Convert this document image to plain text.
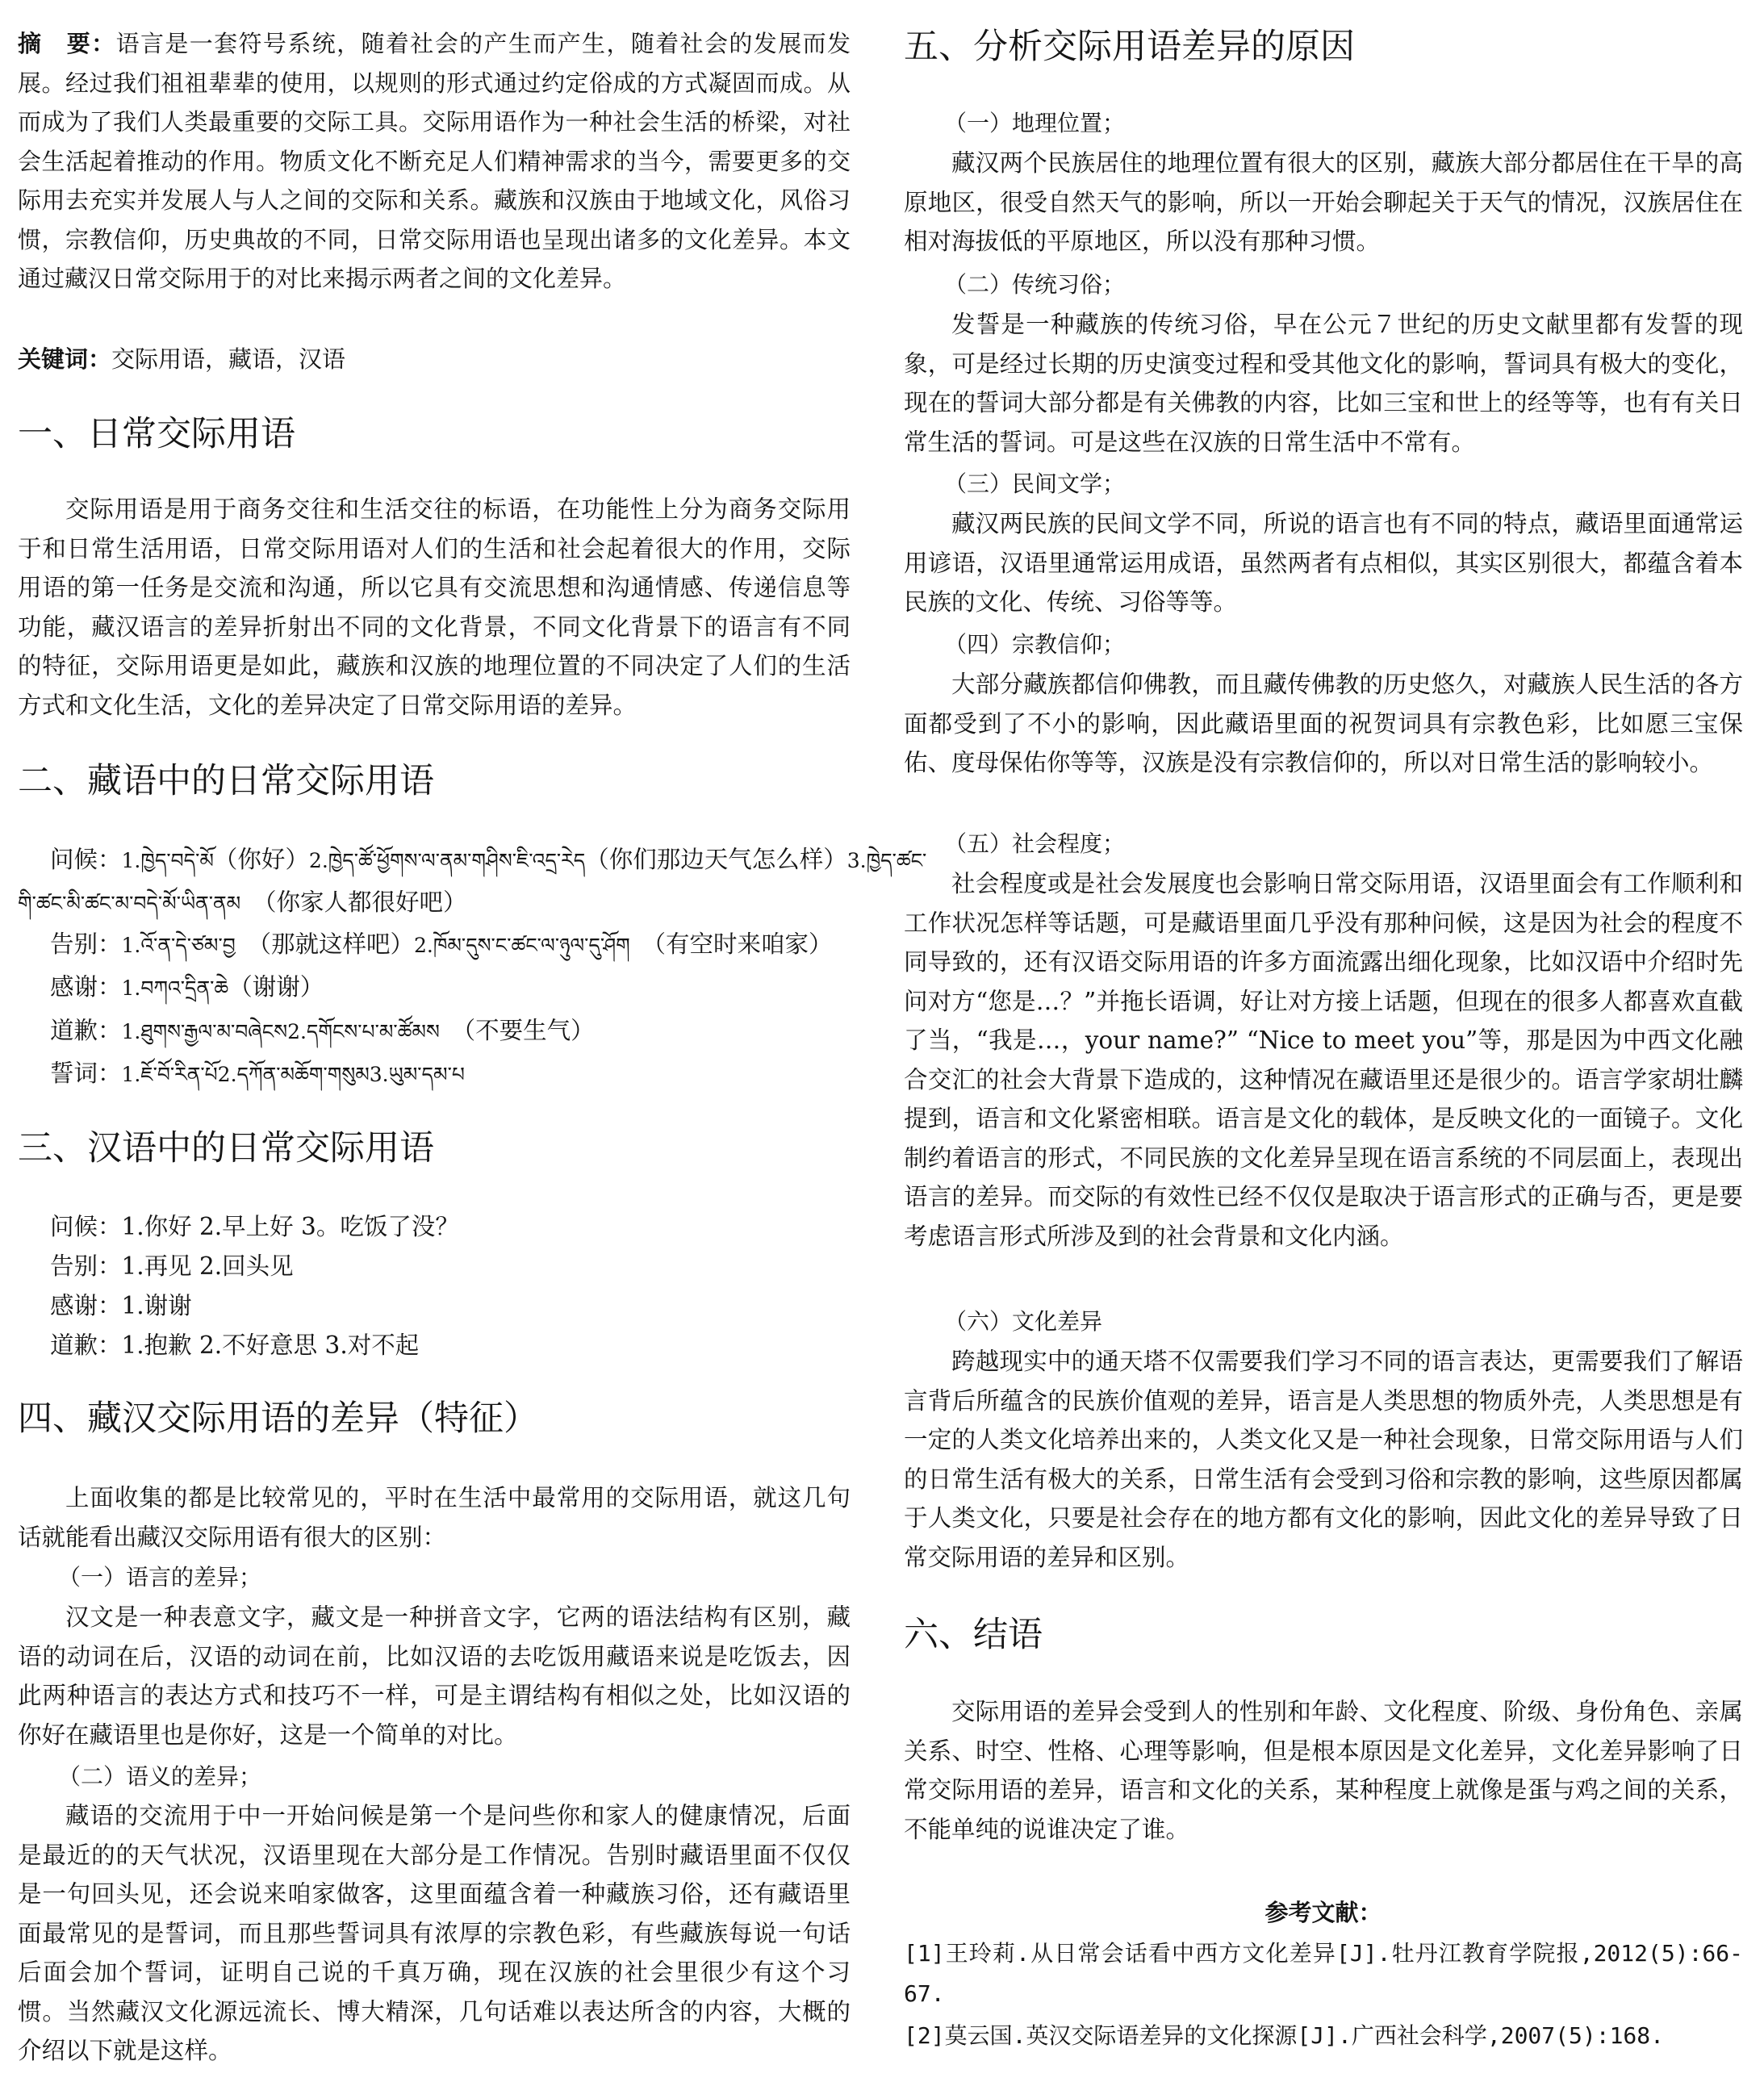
摘　要：语言是一套符号系统，随着社会的产生而产生，随着社会的发展而发展。经过我们祖祖辈辈的使用，以规则的形式通过约定俗成的方式凝固而成。从而成为了我们人类最重要的交际工具。交际用语作为一种社会生活的桥梁，对社会生活起着推动的作用。物质文化不断充足人们精神需求的当今，需要更多的交际用去充实并发展人与人之间的交际和关系。藏族和汉族由于地域文化，风俗习惯，宗教信仰，历史典故的不同，日常交际用语也呈现出诸多的文化差异。本文通过藏汉日常交际用于的对比来揭示两者之间的文化差异。
关键词：交际用语，藏语，汉语
一、日常交际用语

交际用语是用于商务交往和生活交往的标语，在功能性上分为商务交际用于和日常生活用语，日常交际用语对人们的生活和社会起着很大的作用，交际用语的第一任务是交流和沟通，所以它具有交流思想和沟通情感、传递信息等功能，藏汉语言的差异折射出不同的文化背景，不同文化背景下的语言有不同的特征，交际用语更是如此，藏族和汉族的地理位置的不同决定了人们的生活方式和文化生活，文化的差异决定了日常交际用语的差异。

二、藏语中的日常交际用语
问候：1.ཁྱེད་བདེ་མོ（你好）2.ཁྱེད་ཚོ་ཕྱོགས་ལ་ནམ་གཤིས་ཇི་འདྲ་རེད（你们那边天气怎么样）3.ཁྱེད་ཚང་
གི་ཚང་མི་ཚང་མ་བདེ་མོ་ཡིན་ནམ　 （你家人都很好吧）
告别：1.འོ་ན་དེ་ཙམ་བྱ　 （那就这样吧）2.ཁོམ་དུས་ང་ཚང་ལ་ཉུལ་དུ་ཤོག　 （有空时来咱家）
感谢：1.བཀའ་དྲིན་ཆེ（谢谢）
道歉：1.ཐུགས་རྒྱལ་མ་བཞེངས2.དགོངས་པ་མ་ཚོམས　 （不要生气）
誓词：1.ཇོ་བོ་རིན་པོ2.དཀོན་མཆོག་གསུམ3.ཡུམ་དམ་པ
三、汉语中的日常交际用语
问候：1.你好 2.早上好 3。吃饭了没？
告别：1.再见 2.回头见
感谢：1.谢谢
道歉：1.抱歉 2.不好意思 3.对不起
四、藏汉交际用语的差异（特征）

上面收集的都是比较常见的，平时在生活中最常用的交际用语，就这几句话就能看出藏汉交际用语有很大的区别：

（一）语言的差异；

汉文是一种表意文字，藏文是一种拼音文字，它两的语法结构有区别，藏语的动词在后，汉语的动词在前，比如汉语的去吃饭用藏语来说是吃饭去，因此两种语言的表达方式和技巧不一样，可是主谓结构有相似之处，比如汉语的你好在藏语里也是你好，这是一个简单的对比。

（二）语义的差异；

藏语的交流用于中一开始问候是第一个是问些你和家人的健康情况，后面是最近的的天气状况，汉语里现在大部分是工作情况。告别时藏语里面不仅仅是一句回头见，还会说来咱家做客，这里面蕴含着一种藏族习俗，还有藏语里面最常见的是誓词，而且那些誓词具有浓厚的宗教色彩，有些藏族每说一句话后面会加个誓词，证明自己说的千真万确，现在汉族的社会里很少有这个习惯。当然藏汉文化源远流长、博大精深，几句话难以表达所含的内容，大概的介绍以下就是这样。

五、分析交际用语差异的原因
（一）地理位置；

藏汉两个民族居住的地理位置有很大的区别，藏族大部分都居住在干旱的高原地区，很受自然天气的影响，所以一开始会聊起关于天气的情况，汉族居住在相对海拔低的平原地区，所以没有那种习惯。

（二）传统习俗；

发誓是一种藏族的传统习俗，早在公元７世纪的历史文献里都有发誓的现象，可是经过长期的历史演变过程和受其他文化的影响，誓词具有极大的变化，现在的誓词大部分都是有关佛教的内容，比如三宝和世上的经等等，也有有关日常生活的誓词。可是这些在汉族的日常生活中不常有。

（三）民间文学；

藏汉两民族的民间文学不同，所说的语言也有不同的特点，藏语里面通常运用谚语，汉语里通常运用成语，虽然两者有点相似，其实区别很大，都蕴含着本民族的文化、传统、习俗等等。

（四）宗教信仰；

大部分藏族都信仰佛教，而且藏传佛教的历史悠久，对藏族人民生活的各方面都受到了不小的影响，因此藏语里面的祝贺词具有宗教色彩，比如愿三宝保佑、度母保佑你等等，汉族是没有宗教信仰的，所以对日常生活的影响较小。

（五）社会程度；

社会程度或是社会发展度也会影响日常交际用语，汉语里面会有工作顺利和工作状况怎样等话题，可是藏语里面几乎没有那种问候，这是因为社会的程度不同导致的，还有汉语交际用语的许多方面流露出细化现象，比如汉语中介绍时先问对方“您是…？”并拖长语调，好让对方接上话题，但现在的很多人都喜欢直截了当，“我是…，your name?” “Nice to meet you”等，那是因为中西文化融合交汇的社会大背景下造成的，这种情况在藏语里还是很少的。语言学家胡壮麟提到，语言和文化紧密相联。语言是文化的载体，是反映文化的一面镜子。文化制约着语言的形式，不同民族的文化差异呈现在语言系统的不同层面上，表现出语言的差异。而交际的有效性已经不仅仅是取决于语言形式的正确与否，更是要考虑语言形式所涉及到的社会背景和文化内涵。

（六）文化差异

跨越现实中的通天塔不仅需要我们学习不同的语言表达，更需要我们了解语言背后所蕴含的民族价值观的差异，语言是人类思想的物质外壳，人类思想是有一定的人类文化培养出来的，人类文化又是一种社会现象，日常交际用语与人们的日常生活有极大的关系，日常生活有会受到习俗和宗教的影响，这些原因都属于人类文化，只要是社会存在的地方都有文化的影响，因此文化的差异导致了日常交际用语的差异和区别。

六、结语

交际用语的差异会受到人的性别和年龄、文化程度、阶级、身份角色、亲属关系、时空、性格、心理等影响，但是根本原因是文化差异，文化差异影响了日常交际用语的差异，语言和文化的关系，某种程度上就像是蛋与鸡之间的关系，不能单纯的说谁决定了谁。

参考文献：
[1]王玲莉.从日常会话看中西方文化差异[J].牡丹江教育学院报,2012(5):66-67.
[2]莫云国.英汉交际语差异的文化探源[J].广西社会科学,2007(5):168.
